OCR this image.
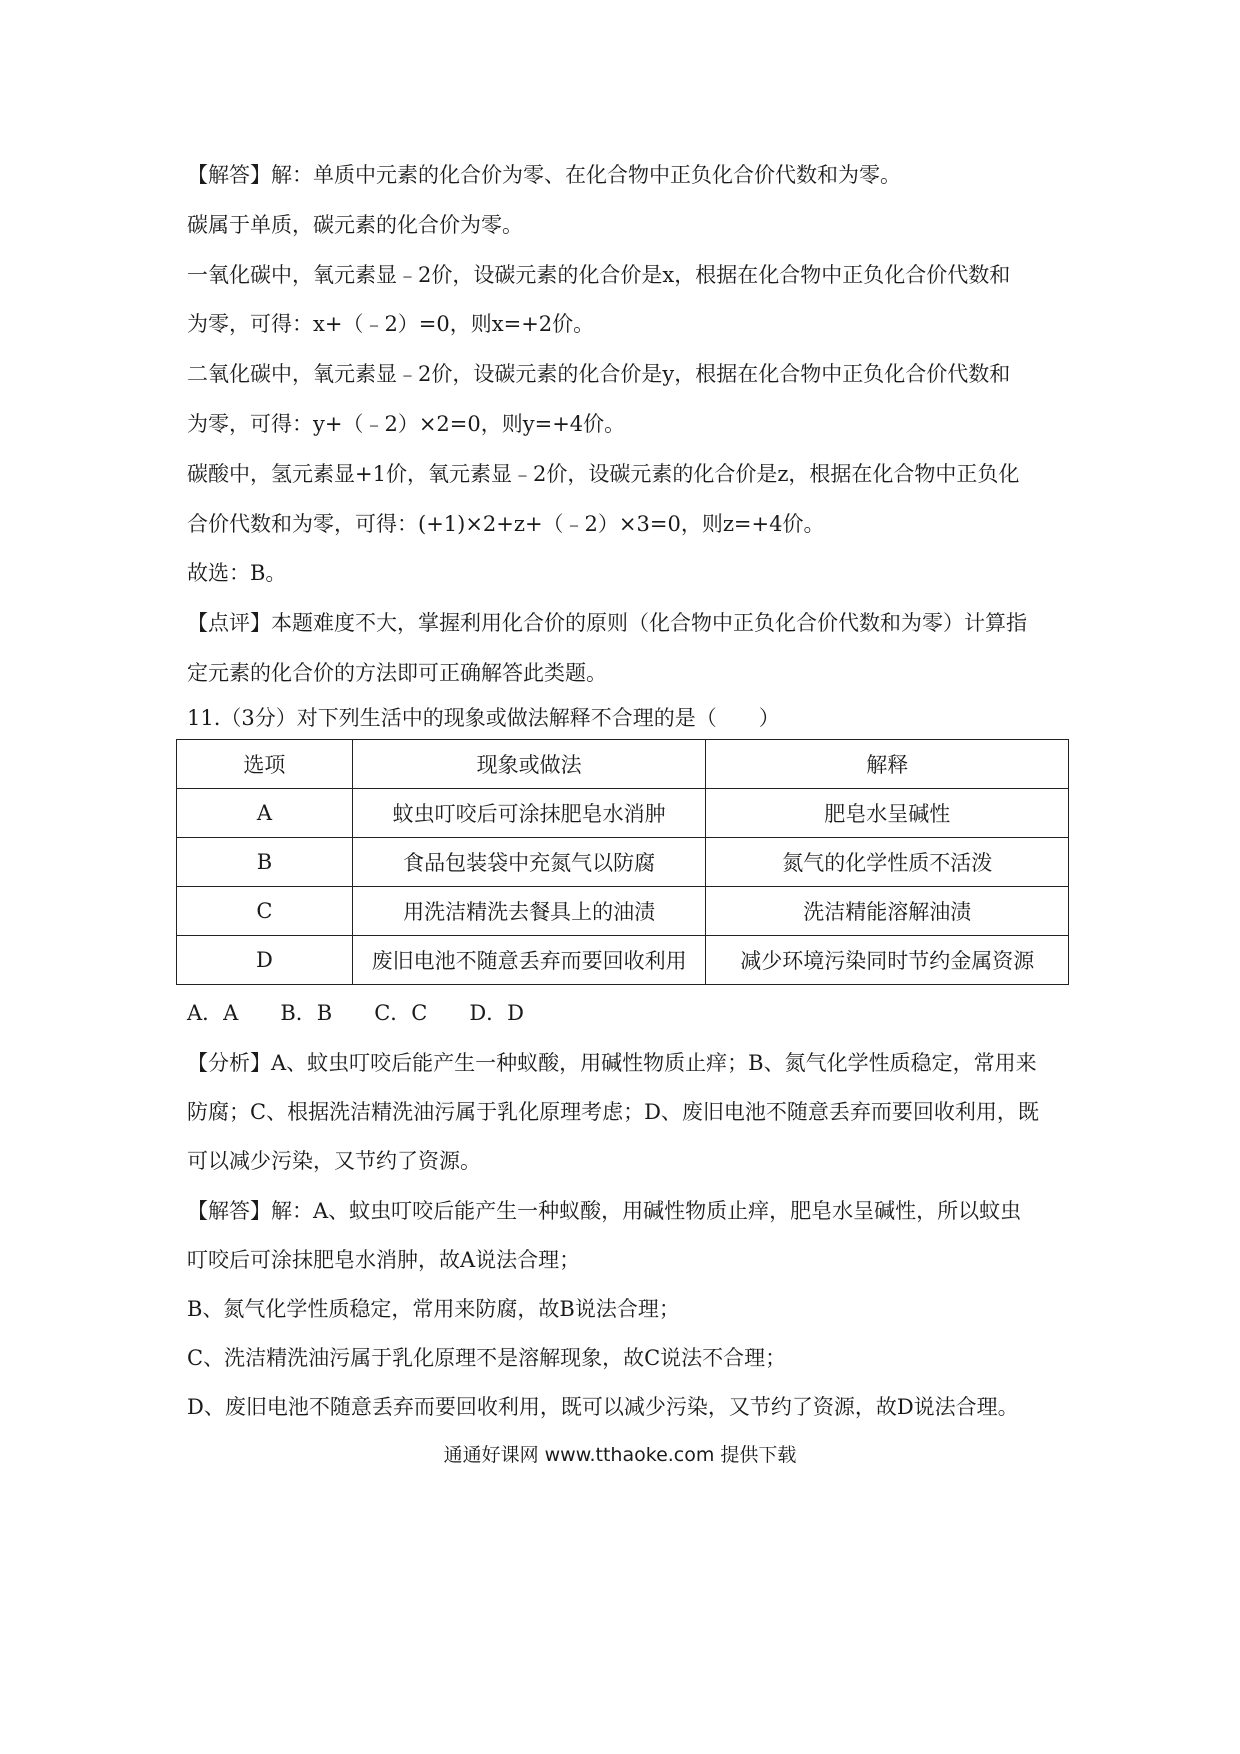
【解答】解：单质中元素的化合价为零、在化合物中正负化合价代数和为零。
碳属于单质，碳元素的化合价为零。
一氧化碳中，氧元素显﹣2价，设碳元素的化合价是x，根据在化合物中正负化合价代数和
为零，可得：x+（﹣2）=0，则x=+2价。
二氧化碳中，氧元素显﹣2价，设碳元素的化合价是y，根据在化合物中正负化合价代数和
为零，可得：y+（﹣2）×2=0，则y=+4价。
碳酸中，氢元素显+1价，氧元素显﹣2价，设碳元素的化合价是z，根据在化合物中正负化
合价代数和为零，可得：(+1)×2+z+（﹣2）×3=0，则z=+4价。
故选：B。
【点评】本题难度不大，掌握利用化合价的原则（化合物中正负化合价代数和为零）计算指
定元素的化合价的方法即可正确解答此类题。
11.（3分）对下列生活中的现象或做法解释不合理的是（　　）
选项	现象或做法	解释
A	蚊虫叮咬后可涂抹肥皂水消肿	肥皂水呈碱性
B	食品包装袋中充氮气以防腐	氮气的化学性质不活泼
C	用洗洁精洗去餐具上的油渍	洗洁精能溶解油渍
D	废旧电池不随意丢弃而要回收利用	减少环境污染同时节约金属资源
A．A　　B．B　　C．C　　D．D
【分析】A、蚊虫叮咬后能产生一种蚁酸，用碱性物质止痒；B、氮气化学性质稳定，常用来
防腐；C、根据洗洁精洗油污属于乳化原理考虑；D、废旧电池不随意丢弃而要回收利用，既
可以减少污染，又节约了资源。
【解答】解：A、蚊虫叮咬后能产生一种蚁酸，用碱性物质止痒，肥皂水呈碱性，所以蚊虫
叮咬后可涂抹肥皂水消肿，故A说法合理；
B、氮气化学性质稳定，常用来防腐，故B说法合理；
C、洗洁精洗油污属于乳化原理不是溶解现象，故C说法不合理；
D、废旧电池不随意丢弃而要回收利用，既可以减少污染，又节约了资源，故D说法合理。
通通好课网 www.tthaoke.com 提供下载
